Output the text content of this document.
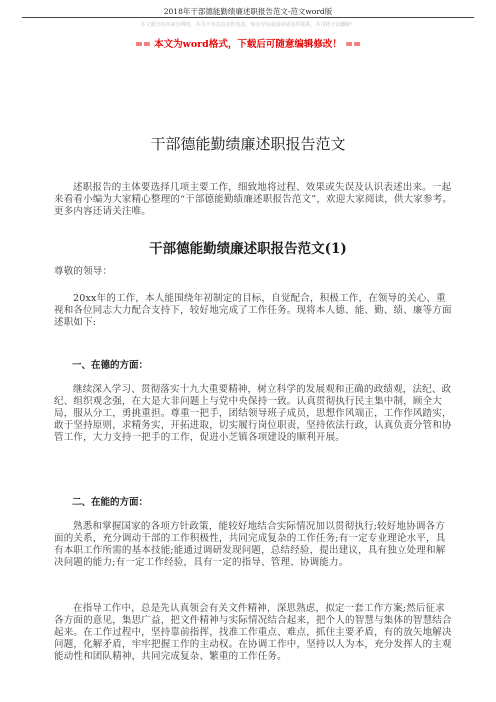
2018年干部德能勤绩廉述职报告范文-范文word版
本文部分内容来自网络，本司不为其真实性负责，如有异议或侵权请及时联系，本司将予以删除！
== 本文为word格式，下载后可随意编辑修改！ ==
干部德能勤绩廉述职报告范文

述职报告的主体要选择几项主要工作，细致地将过程、效果或失误及认识表述出来。一起来看看小编为大家精心整理的“干部德能勤绩廉述职报告范文”，欢迎大家阅读，供大家参考。更多内容还请关注唯。

干部德能勤绩廉述职报告范文(1)

尊敬的领导：

20xx年的工作，本人能围绕年初制定的目标，自觉配合，积极工作，在领导的关心、重视和各位同志大力配合支持下，较好地完成了工作任务。现将本人德、能、勤、绩、廉等方面述职如下:

一、在德的方面：

继续深入学习、贯彻落实十九大重要精神，树立科学的发展观和正确的政绩观，法纪、政纪、组织观念强，在大是大非问题上与党中央保持一致。认真贯彻执行民主集中制，顾全大局，服从分工，勇挑重担。尊重一把手，团结领导班子成员，思想作风端正，工作作风踏实，敢于坚持原则，求精务实，开拓进取，切实履行岗位职责，坚持依法行政，认真负责分管和协管工作，大力支持一把手的工作，促进小芝镇各项建设的顺利开展。

二、在能的方面：

熟悉和掌握国家的各项方针政策，能较好地结合实际情况加以贯彻执行;较好地协调各方面的关系，充分调动干部的工作积极性，共同完成复杂的工作任务;有一定专业理论水平，具有本职工作所需的基本技能;能通过调研发现问题，总结经验，提出建议，具有独立处理和解决问题的能力;有一定工作经验，具有一定的指导、管理、协调能力。

在指导工作中，总是先认真领会有关文件精神，深思熟虑，拟定一套工作方案;然后征求各方面的意见，集思广益，把文件精神与实际情况结合起来，把个人的智慧与集体的智慧结合起来。在工作过程中，坚持靠前指挥，找准工作重点、难点，抓住主要矛盾，有的放矢地解决问题，化解矛盾，牢牢把握工作的主动权。在协调工作中，坚持以人为本，充分发挥人的主观能动性和团队精神，共同完成复杂、繁重的工作任务。
